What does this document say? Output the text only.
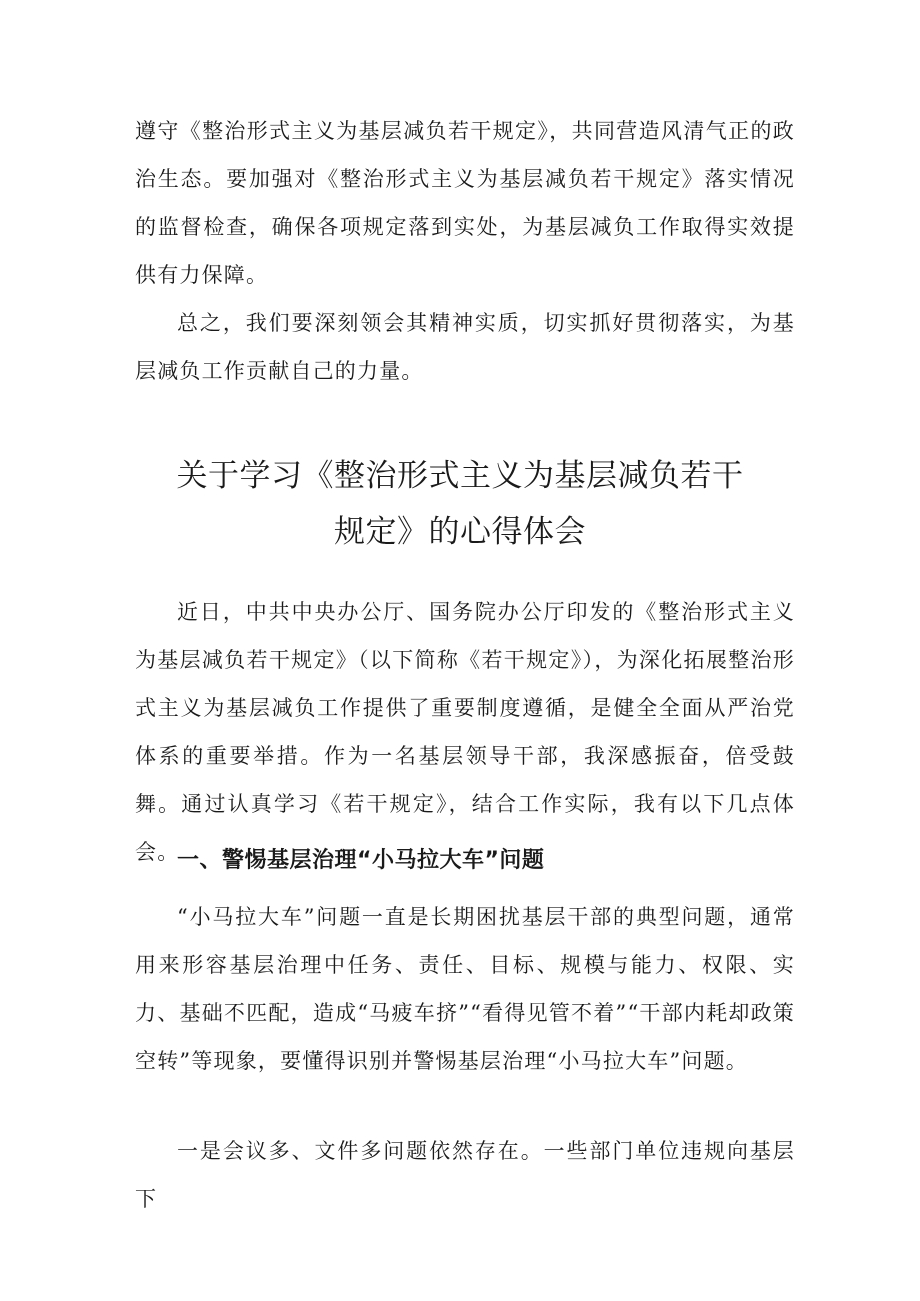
遵守《整治形式主义为基层减负若干规定》，共同营造风清气正的政治生态。要加强对《整治形式主义为基层减负若干规定》落实情况的监督检查，确保各项规定落到实处，为基层减负工作取得实效提供有力保障。

总之，我们要深刻领会其精神实质，切实抓好贯彻落实，为基层减负工作贡献自己的力量。

关于学习《整治形式主义为基层减负若干
规定》的心得体会

近日，中共中央办公厅、国务院办公厅印发的《整治形式主义为基层减负若干规定》（以下简称《若干规定》），为深化拓展整治形式主义为基层减负工作提供了重要制度遵循，是健全全面从严治党体系的重要举措。作为一名基层领导干部，我深感振奋，倍受鼓舞。通过认真学习《若干规定》，结合工作实际，我有以下几点体会。

一、警惕基层治理“小马拉大车”问题

“小马拉大车”问题一直是长期困扰基层干部的典型问题，通常用来形容基层治理中任务、责任、目标、规模与能力、权限、实力、基础不匹配，造成“马疲车挤”“看得见管不着”“干部内耗却政策空转”等现象，要懂得识别并警惕基层治理“小马拉大车”问题。

一是会议多、文件多问题依然存在。一些部门单位违规向基层下
